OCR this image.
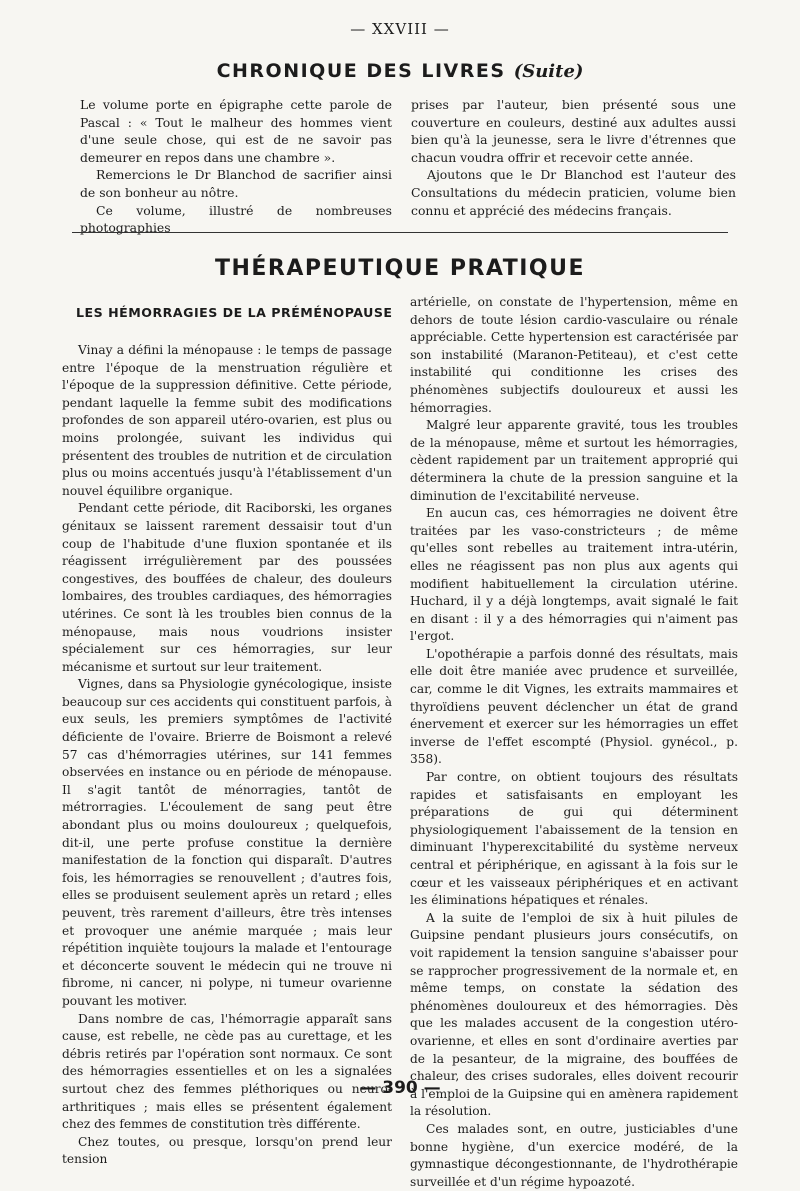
— XXVIII —
CHRONIQUE DES LIVRES (Suite)

Le volume porte en épigraphe cette parole de Pascal : « Tout le malheur des hommes vient d'une seule chose, qui est de ne savoir pas demeurer en repos dans une chambre ».

Remercions le Dr Blanchod de sacrifier ainsi de son bonheur au nôtre.

Ce volume, illustré de nombreuses photographies

prises par l'auteur, bien présenté sous une couverture en couleurs, destiné aux adultes aussi bien qu'à la jeunesse, sera le livre d'étrennes que chacun voudra offrir et recevoir cette année.

Ajoutons que le Dr Blanchod est l'auteur des Consultations du médecin praticien, volume bien connu et apprécié des médecins français.

THÉRAPEUTIQUE PRATIQUE
LES HÉMORRAGIES DE LA PRÉMÉNOPAUSE

Vinay a défini la ménopause : le temps de passage entre l'époque de la menstruation régulière et l'époque de la suppression définitive. Cette période, pendant laquelle la femme subit des modifications profondes de son appareil utéro-ovarien, est plus ou moins prolongée, suivant les individus qui présentent des troubles de nutrition et de circulation plus ou moins accentués jusqu'à l'établissement d'un nouvel équilibre organique.

Pendant cette période, dit Raciborski, les organes génitaux se laissent rarement dessaisir tout d'un coup de l'habitude d'une fluxion spontanée et ils réagissent irrégulièrement par des poussées congestives, des bouffées de chaleur, des douleurs lombaires, des troubles cardiaques, des hémorragies utérines. Ce sont là les troubles bien connus de la ménopause, mais nous voudrions insister spécialement sur ces hémorragies, sur leur mécanisme et surtout sur leur traitement.

Vignes, dans sa Physiologie gynécologique, insiste beaucoup sur ces accidents qui constituent parfois, à eux seuls, les premiers symptômes de l'activité déficiente de l'ovaire. Brierre de Boismont a relevé 57 cas d'hémorragies utérines, sur 141 femmes observées en instance ou en période de ménopause. Il s'agit tantôt de ménorragies, tantôt de métrorragies. L'écoulement de sang peut être abondant plus ou moins douloureux ; quelquefois, dit-il, une perte profuse constitue la dernière manifestation de la fonction qui disparaît. D'autres fois, les hémorragies se renouvellent ; d'autres fois, elles se produisent seulement après un retard ; elles peuvent, très rarement d'ailleurs, être très intenses et provoquer une anémie marquée ; mais leur répétition inquiète toujours la malade et l'entourage et déconcerte souvent le médecin qui ne trouve ni fibrome, ni cancer, ni polype, ni tumeur ovarienne pouvant les motiver.

Dans nombre de cas, l'hémorragie apparaît sans cause, est rebelle, ne cède pas au curettage, et les débris retirés par l'opération sont normaux. Ce sont des hémorragies essentielles et on les a signalées surtout chez des femmes pléthoriques ou neuro-arthritiques ; mais elles se présentent également chez des femmes de constitution très différente.

Chez toutes, ou presque, lorsqu'on prend leur tension

artérielle, on constate de l'hypertension, même en dehors de toute lésion cardio-vasculaire ou rénale appréciable. Cette hypertension est caractérisée par son instabilité (Maranon-Petiteau), et c'est cette instabilité qui conditionne les crises des phénomènes subjectifs douloureux et aussi les hémorragies.

Malgré leur apparente gravité, tous les troubles de la ménopause, même et surtout les hémorragies, cèdent rapidement par un traitement approprié qui déterminera la chute de la pression sanguine et la diminution de l'excitabilité nerveuse.

En aucun cas, ces hémorragies ne doivent être traitées par les vaso-constricteurs ; de même qu'elles sont rebelles au traitement intra-utérin, elles ne réagissent pas non plus aux agents qui modifient habituellement la circulation utérine. Huchard, il y a déjà longtemps, avait signalé le fait en disant : il y a des hémorragies qui n'aiment pas l'ergot.

L'opothérapie a parfois donné des résultats, mais elle doit être maniée avec prudence et surveillée, car, comme le dit Vignes, les extraits mammaires et thyroïdiens peuvent déclencher un état de grand énervement et exercer sur les hémorragies un effet inverse de l'effet escompté (Physiol. gynécol., p. 358).

Par contre, on obtient toujours des résultats rapides et satisfaisants en employant les préparations de gui qui déterminent physiologiquement l'abaissement de la tension en diminuant l'hyperexcitabilité du système nerveux central et périphérique, en agissant à la fois sur le cœur et les vaisseaux périphériques et en activant les éliminations hépatiques et rénales.

A la suite de l'emploi de six à huit pilules de Guipsine pendant plusieurs jours consécutifs, on voit rapidement la tension sanguine s'abaisser pour se rapprocher progressivement de la normale et, en même temps, on constate la sédation des phénomènes douloureux et des hémorragies. Dès que les malades accusent de la congestion utéro-ovarienne, et elles en sont d'ordinaire averties par de la pesanteur, de la migraine, des bouffées de chaleur, des crises sudorales, elles doivent recourir à l'emploi de la Guipsine qui en amènera rapidement la résolution.

Ces malades sont, en outre, justiciables d'une bonne hygiène, d'un exercice modéré, de la gymnastique décongestionnante, de l'hydrothérapie surveillée et d'un régime hypoazoté.

— 390 —
